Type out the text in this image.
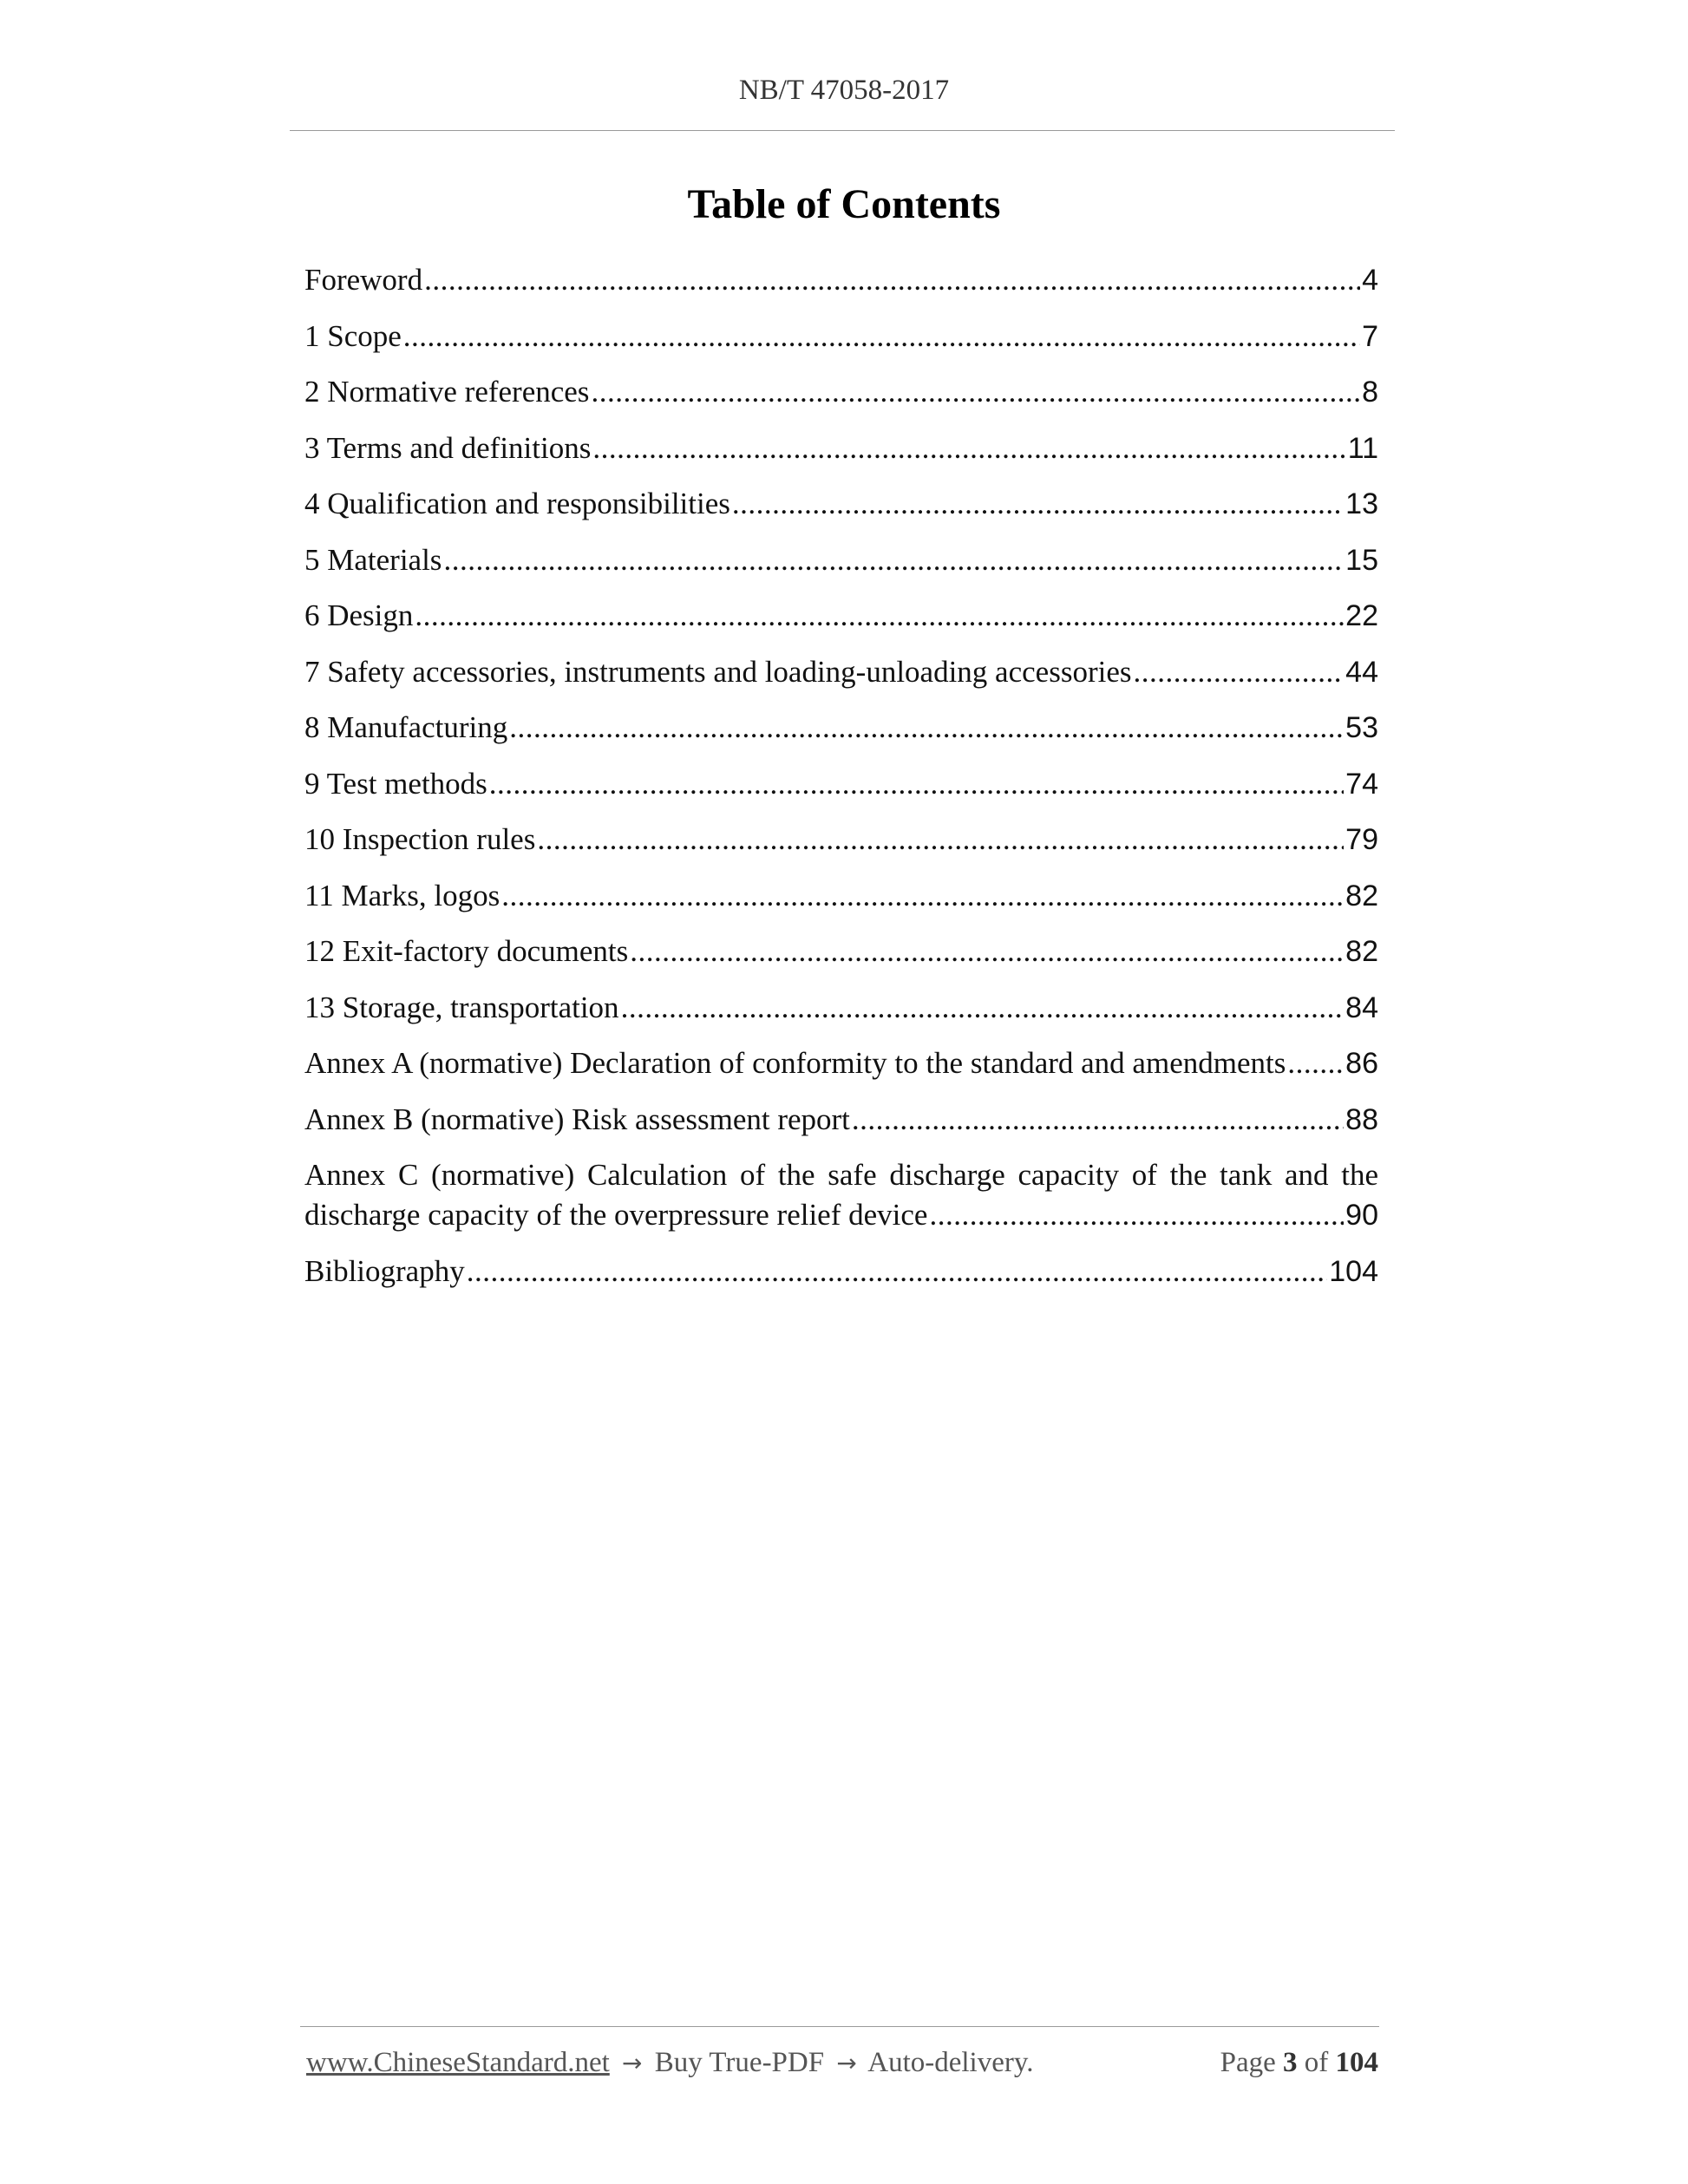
NB/T 47058-2017
Table of Contents
Foreword .....	4
1 Scope .....	7
2 Normative references .....	8
3 Terms and definitions .....	11
4 Qualification and responsibilities .....	13
5 Materials .....	15
6 Design .....	22
7 Safety accessories, instruments and loading-unloading accessories .....	44
8 Manufacturing .....	53
9 Test methods .....	74
10 Inspection rules .....	79
11 Marks, logos .....	82
12 Exit-factory documents .....	82
13 Storage, transportation .....	84
Annex A (normative) Declaration of conformity to the standard and amendments ..... 86
Annex B (normative) Risk assessment report .....	88
Annex C (normative) Calculation of the safe discharge capacity of the tank and the
discharge capacity of the overpressure relief device .....	90
Bibliography .....	104
www.ChineseStandard.net → Buy True-PDF → Auto-delivery.	Page 3 of 104
